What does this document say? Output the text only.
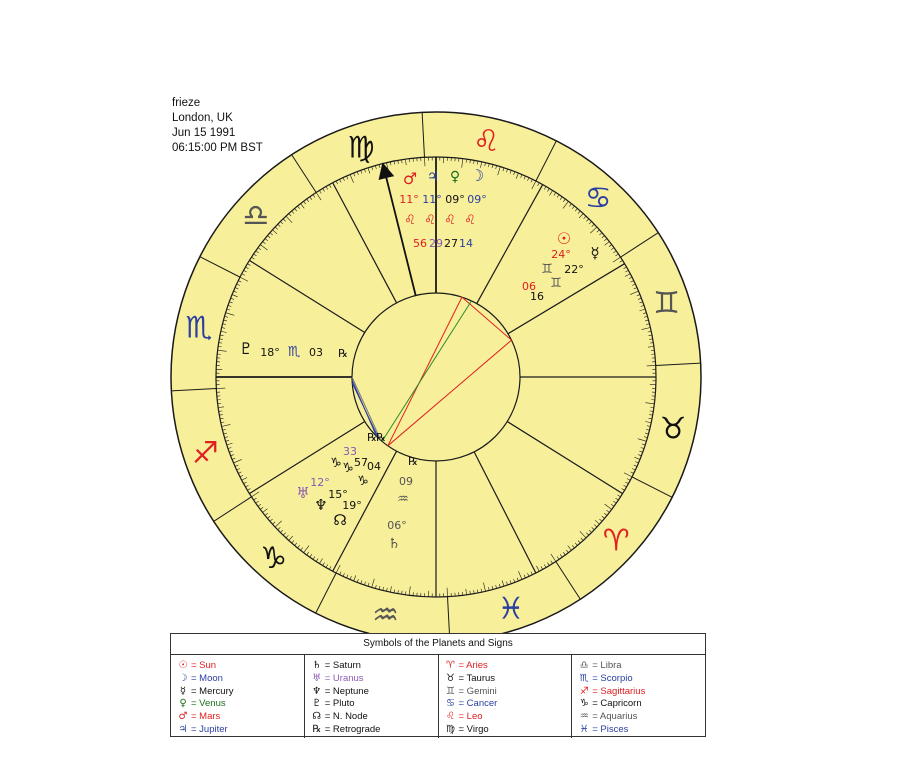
frieze
London, UK
Jun 15 1991
06:15:00 PM BST	♌
♋
♊
♉
♈
♓
♒
♑
♐
♏
♎
♍
♂ ♃ ♀ ☽
11° 11° 09° 09°
♌ ♌ ♌ ♌
56 29 27 14	☉
☿
24°
22°
♊
♊
06
16
♇ 18° ♏ 03 ℞
℞ ℞
33
57 04
♑ ♑
♑
12°
15°
19°
♅
♆
☊
℞
09
♒
06°
♄
Symbols of the Planets and Signs
☉ = Sun
☽ = Moon
☿ = Mercury
♀ = Venus
♂ = Mars
♃ = Jupiter
♄ = Saturn
♅ = Uranus
♆ = Neptune
♇ = Pluto
☊ = N. Node
℞ = Retrograde
♈ = Aries
♉ = Taurus
♊ = Gemini
♋ = Cancer
♌ = Leo
♍ = Virgo
♎ = Libra
♏ = Scorpio
♐ = Sagittarius
♑ = Capricorn
♒ = Aquarius
♓ = Pisces
